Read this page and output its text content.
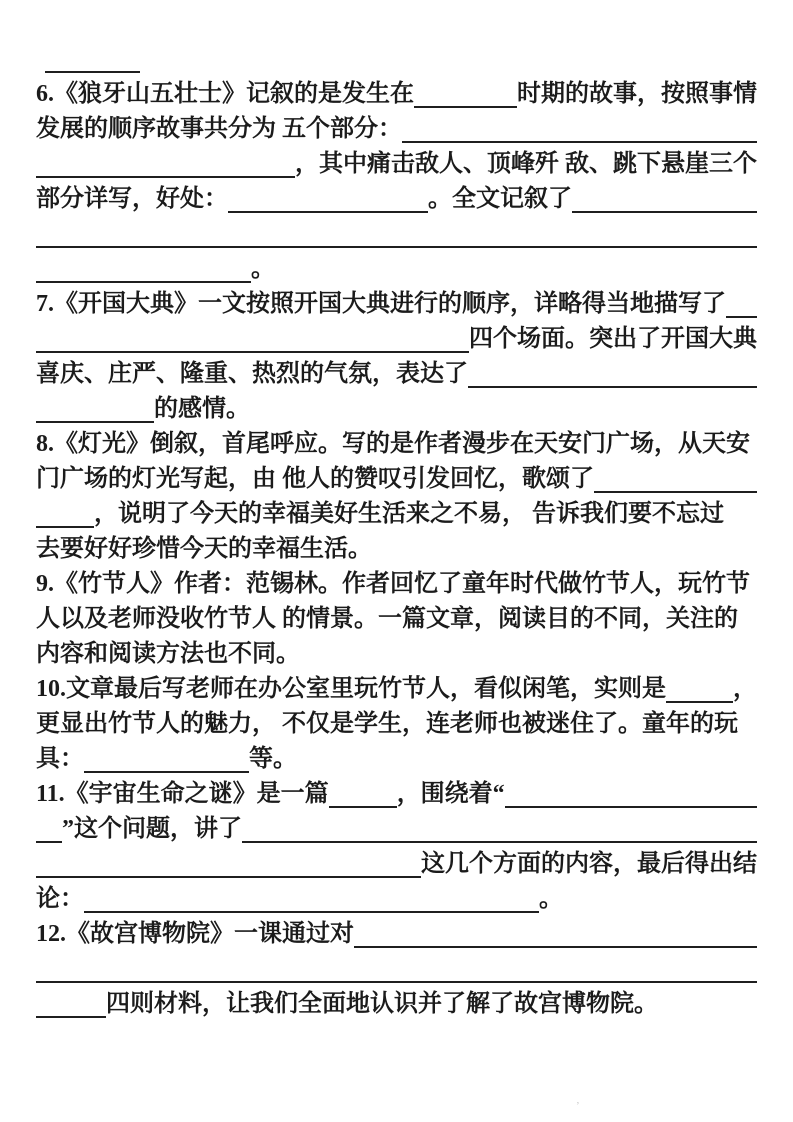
6.《狼牙山五壮士》记叙的是发生在	时期的故事，按照事情
发展的顺序故事共分为 五个部分：
，其中痛击敌人、顶峰歼 敌、跳下悬崖三个
部分详写，好处：	。全文记叙了
。
7.《开国大典》一文按照开国大典进行的顺序，详略得当地描写了
四个场面。突出了开国大典
喜庆、庄严、隆重、热烈的气氛，表达了
的感情。
8.《灯光》倒叙，首尾呼应。写的是作者漫步在天安门广场，从天安
门广场的灯光写起，由 他人的赞叹引发回忆，歌颂了
，说明了今天的幸福美好生活来之不易， 告诉我们要不忘过
去要好好珍惜今天的幸福生活。
9.《竹节人》作者：范锡林。作者回忆了童年时代做竹节人，玩竹节
人以及老师没收竹节人 的情景。一篇文章，阅读目的不同，关注的
内容和阅读方法也不同。
10.文章最后写老师在办公室里玩竹节人，看似闲笔，实则是	，
更显出竹节人的魅力， 不仅是学生，连老师也被迷住了。童年的玩
具：	等。
11.《宇宙生命之谜》是一篇	，围绕着“
”这个问题，讲了
这几个方面的内容，最后得出结
论：	。
12.《故宫博物院》一课通过对
四则材料，让我们全面地认识并了解了故宫博物院。
ʼ
